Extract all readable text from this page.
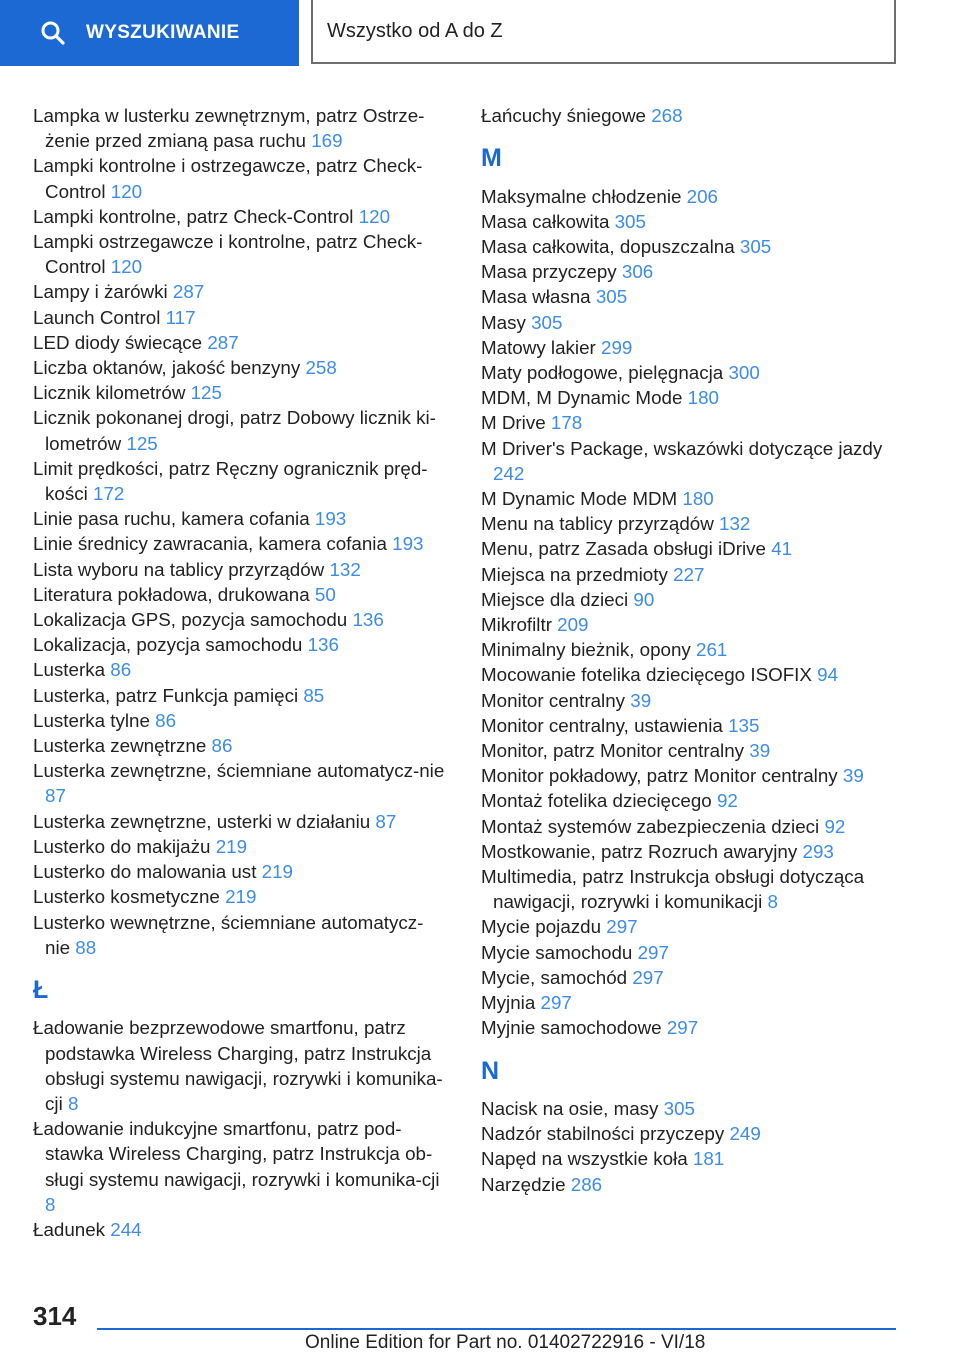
WYSZUKIWANIE	Wszystko od A do Z
Lampka w lusterku zewnętrznym, patrz Ostrze-żenie przed zmianą pasa ruchu 169
Lampki kontrolne i ostrzegawcze, patrz Check-Control 120
Lampki kontrolne, patrz Check-Control 120
Lampki ostrzegawcze i kontrolne, patrz Check-Control 120
Lampy i żarówki 287
Launch Control 117
LED diody świecące 287
Liczba oktanów, jakość benzyny 258
Licznik kilometrów 125
Licznik pokonanej drogi, patrz Dobowy licznik ki-lometrów 125
Limit prędkości, patrz Ręczny ogranicznik pręd-kości 172
Linie pasa ruchu, kamera cofania 193
Linie średnicy zawracania, kamera cofania 193
Lista wyboru na tablicy przyrządów 132
Literatura pokładowa, drukowana 50
Lokalizacja GPS, pozycja samochodu 136
Lokalizacja, pozycja samochodu 136
Lusterka 86
Lusterka, patrz Funkcja pamięci 85
Lusterka tylne 86
Lusterka zewnętrzne 86
Lusterka zewnętrzne, ściemniane automatycz-nie 87
Lusterka zewnętrzne, usterki w działaniu 87
Lusterko do makijażu 219
Lusterko do malowania ust 219
Lusterko kosmetyczne 219
Lusterko wewnętrzne, ściemniane automatycz-nie 88
Ł
Ładowanie bezprzewodowe smartfonu, patrz podstawka Wireless Charging, patrz Instrukcja obsługi systemu nawigacji, rozrywki i komunika-cji 8
Ładowanie indukcyjne smartfonu, patrz pod-stawka Wireless Charging, patrz Instrukcja ob-sługi systemu nawigacji, rozrywki i komunika-cji 8
Ładunek 244
Łańcuchy śniegowe 268
M
Maksymalne chłodzenie 206
Masa całkowita 305
Masa całkowita, dopuszczalna 305
Masa przyczepy 306
Masa własna 305
Masy 305
Matowy lakier 299
Maty podłogowe, pielęgnacja 300
MDM, M Dynamic Mode 180
M Drive 178
M Driver's Package, wskazówki dotyczące jazdy 242
M Dynamic Mode MDM 180
Menu na tablicy przyrządów 132
Menu, patrz Zasada obsługi iDrive 41
Miejsca na przedmioty 227
Miejsce dla dzieci 90
Mikrofiltr 209
Minimalny bieżnik, opony 261
Mocowanie fotelika dziecięcego ISOFIX 94
Monitor centralny 39
Monitor centralny, ustawienia 135
Monitor, patrz Monitor centralny 39
Monitor pokładowy, patrz Monitor centralny 39
Montaż fotelika dziecięcego 92
Montaż systemów zabezpieczenia dzieci 92
Mostkowanie, patrz Rozruch awaryjny 293
Multimedia, patrz Instrukcja obsługi dotycząca nawigacji, rozrywki i komunikacji 8
Mycie pojazdu 297
Mycie samochodu 297
Mycie, samochód 297
Myjnia 297
Myjnie samochodowe 297
N
Nacisk na osie, masy 305
Nadzór stabilności przyczepy 249
Napęd na wszystkie koła 181
Narzędzie 286
314
Online Edition for Part no. 01402722916 - VI/18
